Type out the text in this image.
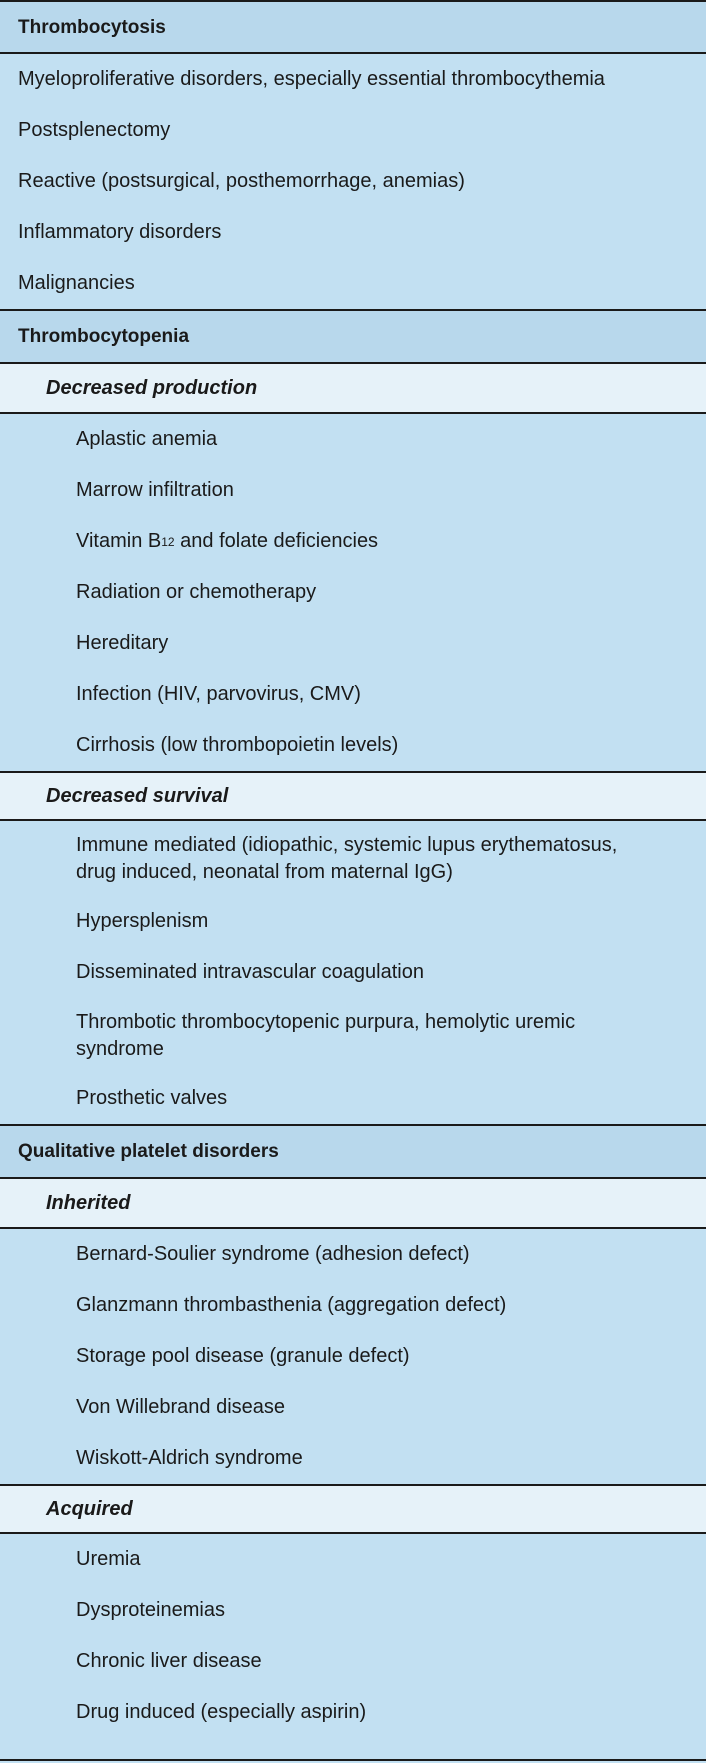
Thrombocytosis
Myeloproliferative disorders, especially essential thrombocythemia
Postsplenectomy
Reactive (postsurgical, posthemorrhage, anemias)
Inflammatory disorders
Malignancies
Thrombocytopenia
Decreased production
Aplastic anemia
Marrow infiltration
Vitamin B 12 and folate deficiencies
Radiation or chemotherapy
Hereditary
Infection (HIV, parvovirus, CMV)
Cirrhosis (low thrombopoietin levels)
Decreased survival
Immune mediated (idiopathic, systemic lupus erythematosus,
drug induced, neonatal from maternal IgG)
Hypersplenism
Disseminated intravascular coagulation
Thrombotic thrombocytopenic purpura, hemolytic uremic
syndrome
Prosthetic valves
Qualitative platelet disorders
Inherited
Bernard-Soulier syndrome (adhesion defect)
Glanzmann thrombasthenia (aggregation defect)
Storage pool disease (granule defect)
Von Willebrand disease
Wiskott-Aldrich syndrome
Acquired
Uremia
Dysproteinemias
Chronic liver disease
Drug induced (especially aspirin)
